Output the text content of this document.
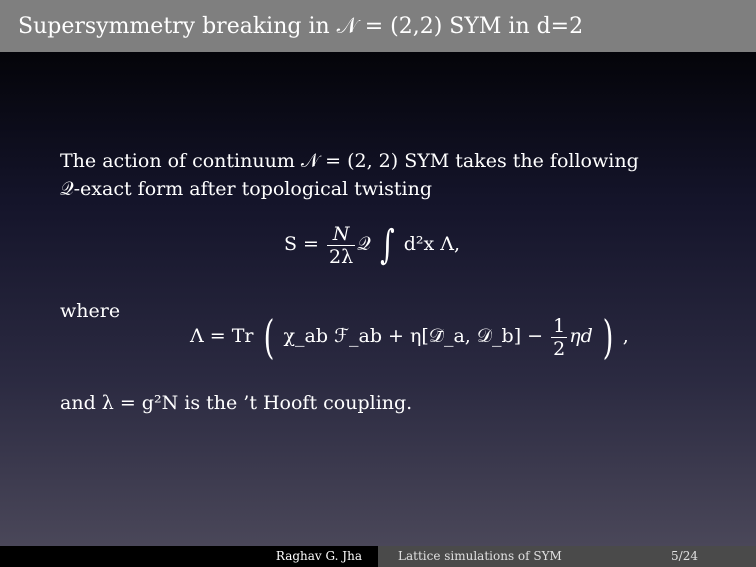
Supersymmetry breaking in 𝒩 = (2,2) SYM in d=2
The action of continuum 𝒩 = (2, 2) SYM takes the following
𝒬-exact form after topological twisting
$S = \frac{N}{2\lambda}$ 𝒬 ∫ d²x Λ,
where
Λ = Tr ( χ_ab ℱ_ab + η[𝒟̄_a, 𝒟_b] − $\frac{1}{2}$ ηd ) ,
and λ = g²N is the ’t Hooft coupling.
Raghav G. Jha	Lattice simulations of SYM	5/24
